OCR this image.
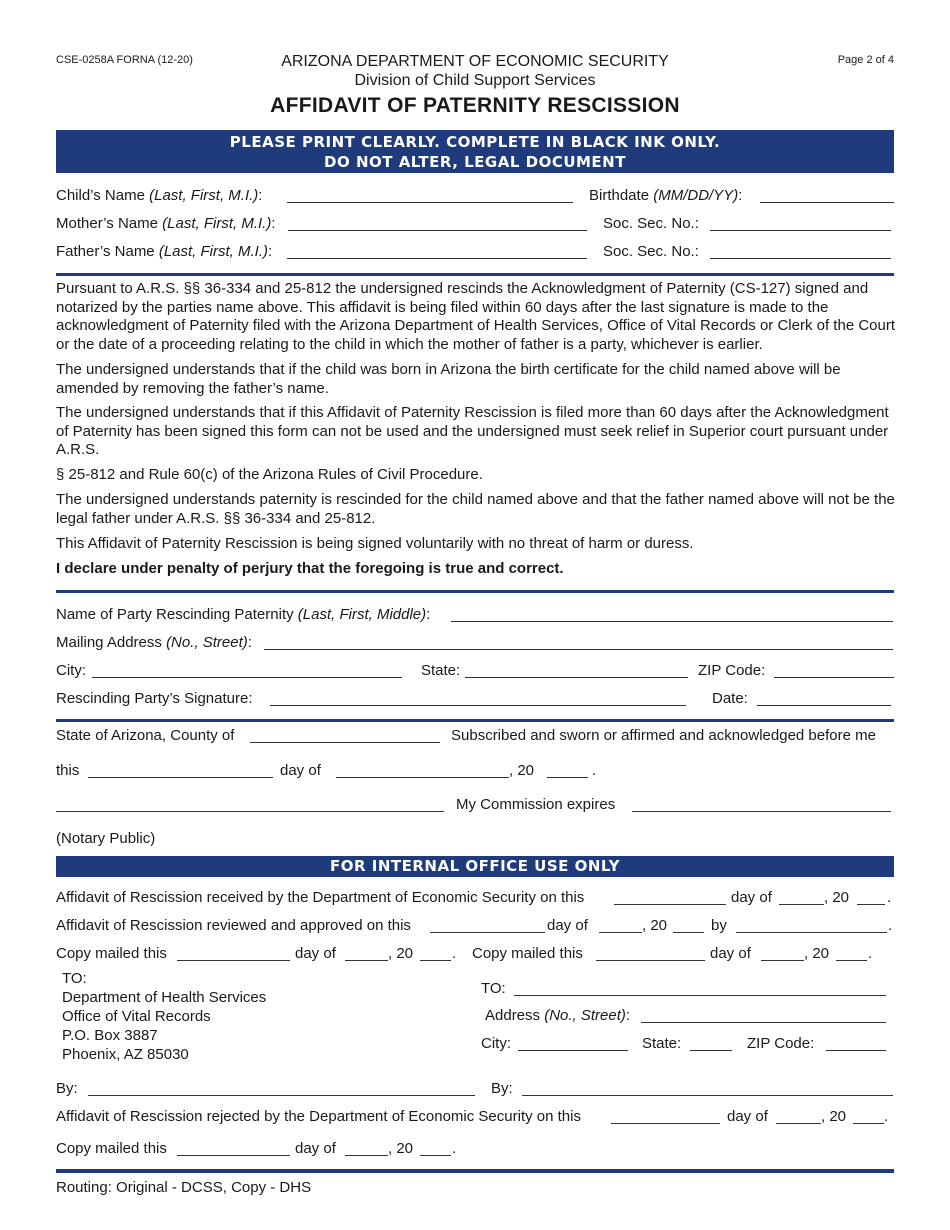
CSE-0258A FORNA (12-20)	ARIZONA DEPARTMENT OF ECONOMIC SECURITY
Division of Child Support Services
Page 2 of 4
AFFIDAVIT OF PATERNITY RESCISSION
PLEASE PRINT CLEARLY. COMPLETE IN BLACK INK ONLY.
DO NOT ALTER, LEGAL DOCUMENT
Child’s Name (Last, First, M.I.):	Birthdate (MM/DD/YY):
Mother’s Name (Last, First, M.I.):	Soc. Sec. No.:
Father’s Name (Last, First, M.I.):	Soc. Sec. No.:
Pursuant to A.R.S. §§ 36-334 and 25-812 the undersigned rescinds the Acknowledgment of Paternity (CS-127) signed and notarized by the parties name above. This affidavit is being filed within 60 days after the last signature is made to the acknowledgment of Paternity filed with the Arizona Department of Health Services, Office of Vital Records or Clerk of the Court or the date of a proceeding relating to the child in which the mother of father is a party, whichever is earlier.
The undersigned understands that if the child was born in Arizona the birth certificate for the child named above will be amended by removing the father’s name.
The undersigned understands that if this Affidavit of Paternity Rescission is filed more than 60 days after the Acknowledgment of Paternity has been signed this form can not be used and the undersigned must seek relief in Superior court pursuant under A.R.S.
§ 25-812 and Rule 60(c) of the Arizona Rules of Civil Procedure.
The undersigned understands paternity is rescinded for the child named above and that the father named above will not be the legal father under A.R.S. §§ 36-334 and 25-812.
This Affidavit of Paternity Rescission is being signed voluntarily with no threat of harm or duress.
I declare under penalty of perjury that the foregoing is true and correct.
Name of Party Rescinding Paternity (Last, First, Middle):
Mailing Address (No., Street):
City:	State:	ZIP Code:
Rescinding Party’s Signature:	Date:
State of Arizona, County of	Subscribed and sworn or affirmed and acknowledged before me
this	day of	, 20	.
My Commission expires
(Notary Public)
FOR INTERNAL OFFICE USE ONLY
Affidavit of Rescission received by the Department of Economic Security on this	day of	, 20	.
Affidavit of Rescission reviewed and approved on this	day of	, 20	by	.
Copy mailed this	day of	, 20	. Copy mailed this	day of	, 20	.
TO:
Department of Health Services
Office of Vital Records
P.O. Box 3887
Phoenix, AZ 85030
TO:
Address (No., Street):
City:	State:	ZIP Code:
By:	By:
Affidavit of Rescission rejected by the Department of Economic Security on this	day of	, 20	.
Copy mailed this	day of	, 20	.
Routing: Original - DCSS, Copy - DHS
